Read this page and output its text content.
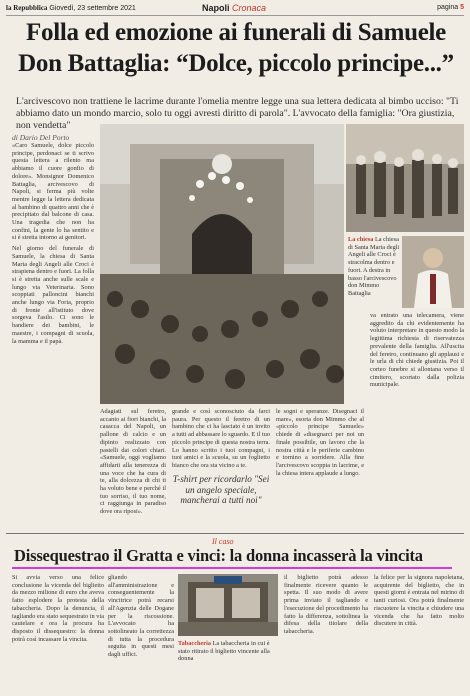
la Repubblica Giovedì, 23 settembre 2021	Napoli Cronaca	pagina 5
Folla ed emozione ai funerali di Samuele
Don Battaglia: “Dolce, piccolo principe...”

L'arcivescovo non trattiene le lacrime durante l'omelia mentre legge una sua lettera dedicata al bimbo ucciso: "Ti abbiamo dato un mondo marcio, solo tu oggi avresti diritto di parola". L'avvocato della famiglia: "Ora giustizia, non vendetta"

di Dario Del Porto

«Caro Samuele, dolce piccolo principe, perdonaci se ti scrivo questa lettera a rilento ma abbiamo il cuore gonfio di dolore». Monsignor Domenico Battaglia, arcivescovo di Napoli, si ferma più volte mentre legge la lettera dedicata al bambino di quattro anni che è precipitato dal balcone di casa. Una tragedia che non ha confini, la gente lo ha sentito e si è stretta intorno ai genitori.

Nel giorno del funerale di Samuele, la chiesa di Santa Maria degli Angeli alle Croci è strapiena dentro e fuori. La folla si è stretta anche sulle scale e lungo via Veterinaria. Sono scoppiati palloncini bianchi anche lungo via Foria, proprio di fronte all'istituto dove sorgeva l'asilo. Ci sono le bandiere dei bambini, le maestre, i compagni di scuola, la mamma e il papà.

La chiesa La chiesa di Santa Maria degli Angeli alle Croci è stracolma dentro e fuori. A destra in basso l'arcivescovo don Mimmo Battaglia
Adagiati sul feretro, accanto ai fiori bianchi, la casacca del Napoli, un pallone di calcio e un dipinto realizzato con pastelli dai colori chiari. «Samuele, oggi vogliamo affidarti alla tenerezza di una voce che ha cura di te, alla dolcezza di chi ti ha voluto bene e perché il tuo sorriso, il tuo nome, ci raggiunga in paradiso dove ora riposi».
grande e così sconosciuto da farci paura. Per questo il feretro di un bambino che ci ha lasciato è un invito a tutti ad abbassare lo sguardo. E il tuo piccolo principe di questa nostra terra. Lo hanno scritto i tuoi compagni, i tuoi amici e la scuola, su un foglietto bianco che ora sta vicino a te.
T-shirt per ricordarlo "Sei un angelo speciale, mancherai a tutti noi"
le sogni e speranze. Disegnaci il mare», esorta don Mimmo che al «piccolo principe Samuele» chiede di «disegnarci per noi un finale possibile, un lavoro che la nostra città e le periferie cambino e tornino a sorridere. Alla fine l'arcivescovo scoppia in lacrime, e la chiesa intera applaude a lungo.
va entrato una telecamera, viene aggredito da chi evidentemente ha voluto interpretare in questo modo la legittima richiesta di riservatezza prevalente della famiglia. All'uscita del feretro, continuano gli applausi e le urla di chi chiede giustizia. Poi il corteo funebre si allontana verso il cimitero, scortato dalla polizia municipale.
Il caso
Dissequestrao il Gratta e vinci: la donna incasserà la vincita
Si avvia verso una felice conclusione la vicenda del biglietto da mezzo milione di euro che aveva fatto esplodere la protesta della tabaccheria. Dopo la denuncia, il tagliando era stato sequestrato in via cautelare e ora la procura ha disposto il dissequestro: la donna potrà così incassare la vincita.
gliando all'amministrazione e conseguentemente la vincitrice potrà recarsi all'Agenzia delle Dogane per la riscossione. L'avvocato ha sottolineato la correttezza di tutta la procedura seguita in questi mesi dagli uffici.
Tabaccheria La tabaccheria in cui è stato ritirato il biglietto vincente alla donna
il biglietto potrà adesso finalmente ricevere quanto le spetta. Il suo modo di avere prima inviato il tagliando e l'esecuzione del procedimento ha fatto la differenza, sottolinea la difesa della titolare della tabaccheria.
la felice per la signora napoletana, acquirente del biglietto, che in questi giorni è entrata nel mirino di tanti curiosi. Ora potrà finalmente riscuotere la vincita e chiudere una vicenda che ha fatto molto discutere in città.
